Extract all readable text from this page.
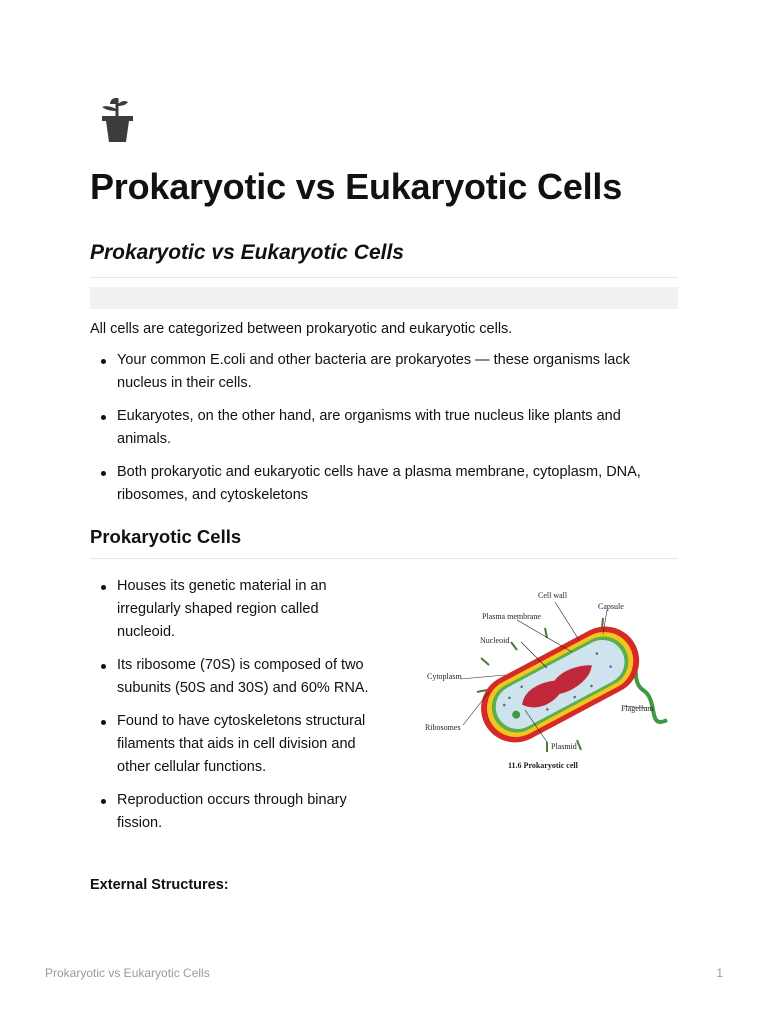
Prokaryotic vs Eukaryotic Cells
Prokaryotic vs Eukaryotic Cells

All cells are categorized between prokaryotic and eukaryotic cells.

Your common E.coli and other bacteria are prokaryotes — these organisms lack nucleus in their cells.
Eukaryotes, on the other hand, are organisms with true nucleus like plants and animals.
Both prokaryotic and eukaryotic cells have a plasma membrane, cytoplasm, DNA, ribosomes, and cytoskeletons
Prokaryotic Cells
Houses its genetic material in an irregularly shaped region called nucleoid.
Its ribosome (70S) is composed of two subunits (50S and 30S) and 60% RNA.
Found to have cytoskeletons structural filaments that aids in cell division and other cellular functions.
Reproduction occurs through binary fission.
Cell wall
Capsule
Plasma membrane
Nucleoid
Cytoplasm
Flagellum
Ribosomes
Plasmid
11.6 Prokaryotic cell

External Structures:

Prokaryotic vs Eukaryotic Cells	1
